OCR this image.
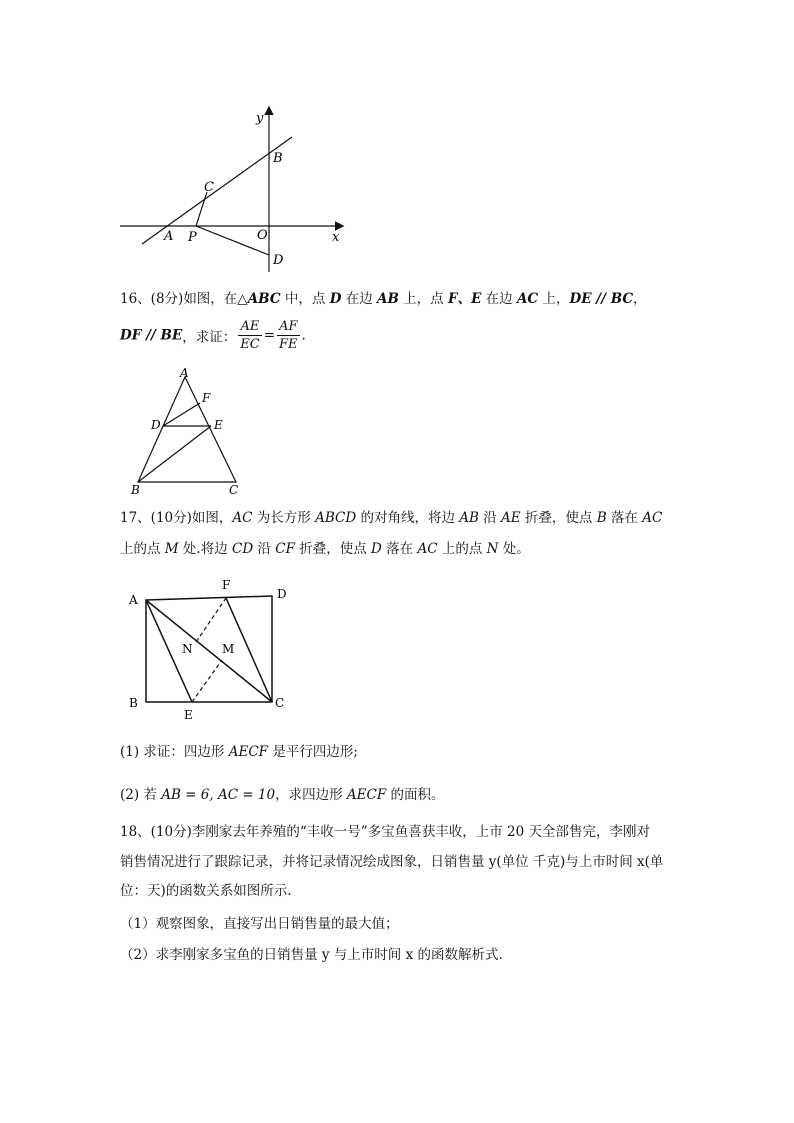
y
x
B
C
A P	O
D
16、(8分)如图，在△ABC 中，点 D 在边 AB 上，点 F、E 在边 AC 上，DE // BC，
DF // BE，求证： $\frac{AE}{EC} = \frac{AF}{FE}$ .
A
F
D	E
B	C
17、(10分)如图，AC 为长方形 ABCD 的对角线，将边 AB 沿 AE 折叠，使点 B 落在 AC
上的点 M 处.将边 CD 沿 CF 折叠，使点 D 落在 AC 上的点 N 处。
A
F
D
N M
B
E
C
(1) 求证：四边形 AECF 是平行四边形;
(2) 若 AB = 6, AC = 10，求四边形 AECF 的面积。
18、(10分)李刚家去年养殖的“丰收一号”多宝鱼喜获丰收，上市 20 天全部售完，李刚对
销售情况进行了跟踪记录，并将记录情况绘成图象，日销售量 y(单位 千克)与上市时间 x(单
位：天)的函数关系如图所示.
（1）观察图象，直接写出日销售量的最大值；
（2）求李刚家多宝鱼的日销售量 y 与上市时间 x 的函数解析式.
